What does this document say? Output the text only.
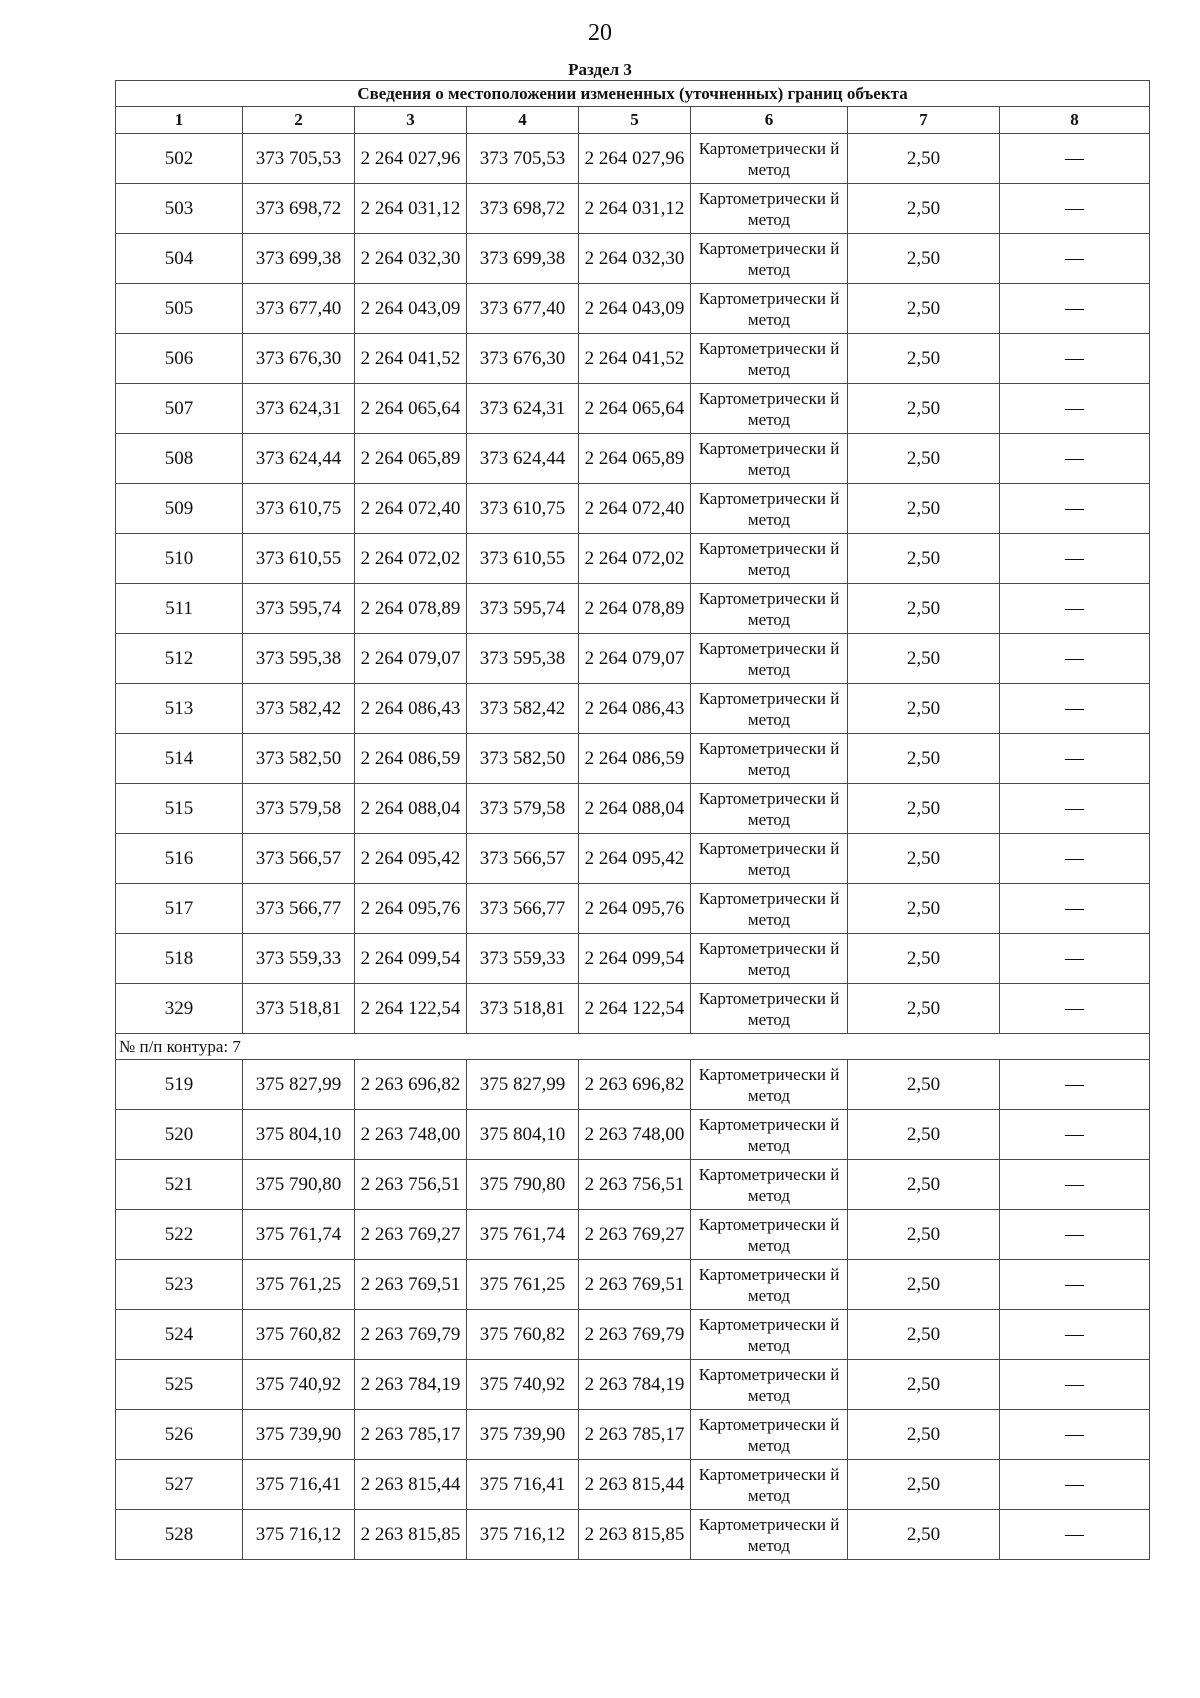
20
Раздел 3
Сведения о местоположении измененных (уточненных) границ объекта							
1	2	3	4	5	6	7	8
502	373 705,53	2 264 027,96	373 705,53	2 264 027,96	Картометрически й метод	2,50	—
503	373 698,72	2 264 031,12	373 698,72	2 264 031,12	Картометрически й метод	2,50	—
504	373 699,38	2 264 032,30	373 699,38	2 264 032,30	Картометрически й метод	2,50	—
505	373 677,40	2 264 043,09	373 677,40	2 264 043,09	Картометрически й метод	2,50	—
506	373 676,30	2 264 041,52	373 676,30	2 264 041,52	Картометрически й метод	2,50	—
507	373 624,31	2 264 065,64	373 624,31	2 264 065,64	Картометрически й метод	2,50	—
508	373 624,44	2 264 065,89	373 624,44	2 264 065,89	Картометрически й метод	2,50	—
509	373 610,75	2 264 072,40	373 610,75	2 264 072,40	Картометрически й метод	2,50	—
510	373 610,55	2 264 072,02	373 610,55	2 264 072,02	Картометрически й метод	2,50	—
511	373 595,74	2 264 078,89	373 595,74	2 264 078,89	Картометрически й метод	2,50	—
512	373 595,38	2 264 079,07	373 595,38	2 264 079,07	Картометрически й метод	2,50	—
513	373 582,42	2 264 086,43	373 582,42	2 264 086,43	Картометрически й метод	2,50	—
514	373 582,50	2 264 086,59	373 582,50	2 264 086,59	Картометрически й метод	2,50	—
515	373 579,58	2 264 088,04	373 579,58	2 264 088,04	Картометрически й метод	2,50	—
516	373 566,57	2 264 095,42	373 566,57	2 264 095,42	Картометрически й метод	2,50	—
517	373 566,77	2 264 095,76	373 566,77	2 264 095,76	Картометрически й метод	2,50	—
518	373 559,33	2 264 099,54	373 559,33	2 264 099,54	Картометрически й метод	2,50	—
329	373 518,81	2 264 122,54	373 518,81	2 264 122,54	Картометрически й метод	2,50	—
№ п/п контура: 7							
519	375 827,99	2 263 696,82	375 827,99	2 263 696,82	Картометрически й метод	2,50	—
520	375 804,10	2 263 748,00	375 804,10	2 263 748,00	Картометрически й метод	2,50	—
521	375 790,80	2 263 756,51	375 790,80	2 263 756,51	Картометрически й метод	2,50	—
522	375 761,74	2 263 769,27	375 761,74	2 263 769,27	Картометрически й метод	2,50	—
523	375 761,25	2 263 769,51	375 761,25	2 263 769,51	Картометрически й метод	2,50	—
524	375 760,82	2 263 769,79	375 760,82	2 263 769,79	Картометрически й метод	2,50	—
525	375 740,92	2 263 784,19	375 740,92	2 263 784,19	Картометрически й метод	2,50	—
526	375 739,90	2 263 785,17	375 739,90	2 263 785,17	Картометрически й метод	2,50	—
527	375 716,41	2 263 815,44	375 716,41	2 263 815,44	Картометрически й метод	2,50	—
528	375 716,12	2 263 815,85	375 716,12	2 263 815,85	Картометрически й метод	2,50	—
